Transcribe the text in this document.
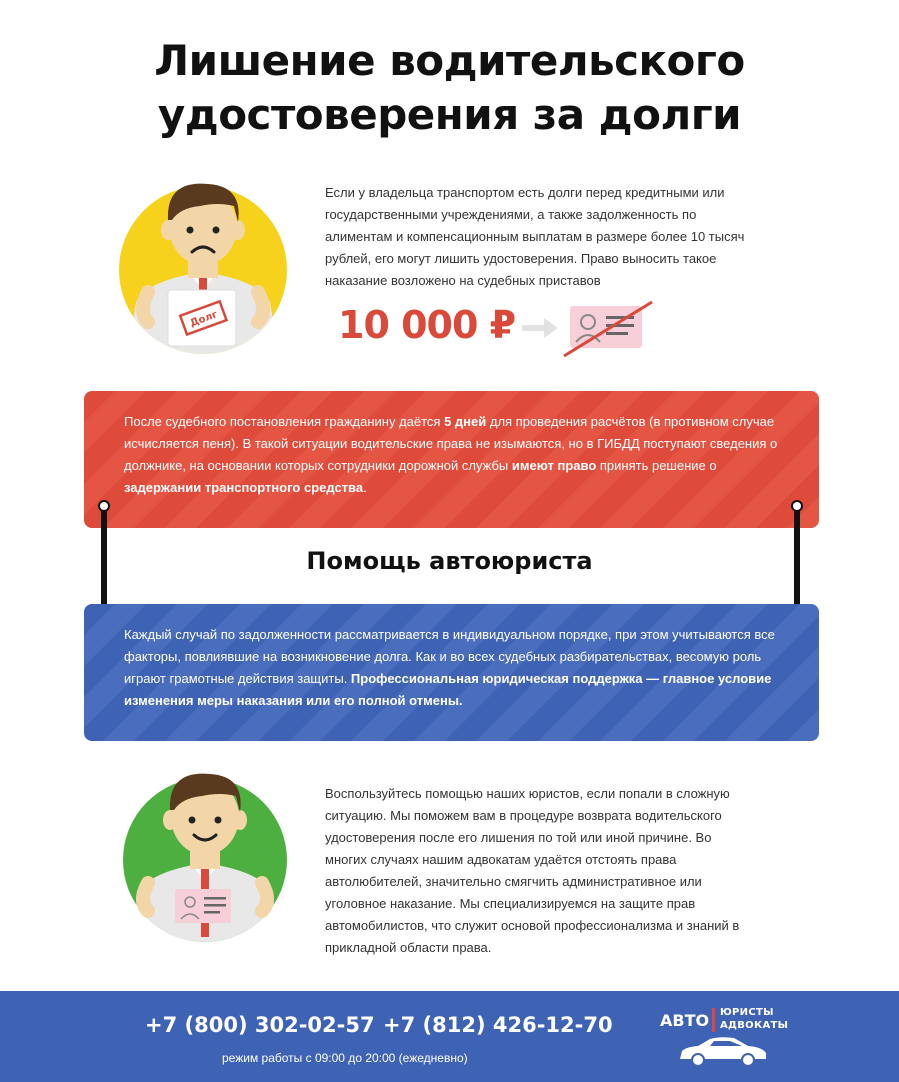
Лишение водительского
удостоверения за долги
Долг
Если у владельца транспортом есть долги перед кредитными или государственными учреждениями, а также задолженность по алиментам и компенсационным выплатам в размере более 10 тысяч рублей, его могут лишить удостоверения. Право выносить такое наказание возложено на судебных приставов
10 000 ₽
После судебного постановления гражданину даётся 5 дней для проведения расчётов (в противном случае исчисляется пеня). В такой ситуации водительские права не изымаются, но в ГИБДД поступают сведения о должнике, на основании которых сотрудники дорожной службы имеют право принять решение о задержании транспортного средства.
Помощь автоюриста
Каждый случай по задолженности рассматривается в индивидуальном порядке, при этом учитываются все факторы, повлиявшие на возникновение долга. Как и во всех судебных разбирательствах, весомую роль играют грамотные действия защиты. Профессиональная юридическая поддержка — главное условие изменения меры наказания или его полной отмены.
Воспользуйтесь помощью наших юристов, если попали в сложную ситуацию. Мы поможем вам в процедуре возврата водительского удостоверения после его лишения по той или иной причине. Во многих случаях нашим адвокатам удаётся отстоять права автолюбителей, значительно смягчить административное или уголовное наказание. Мы специализируемся на защите прав автомобилистов, что служит основой профессионализма и знаний в прикладной области права.
+7 (800) 302-02-57 +7 (812) 426-12-70
режим работы с 09:00 до 20:00 (ежедневно)
АВТО ЮРИСТЫ
АДВОКАТЫ
